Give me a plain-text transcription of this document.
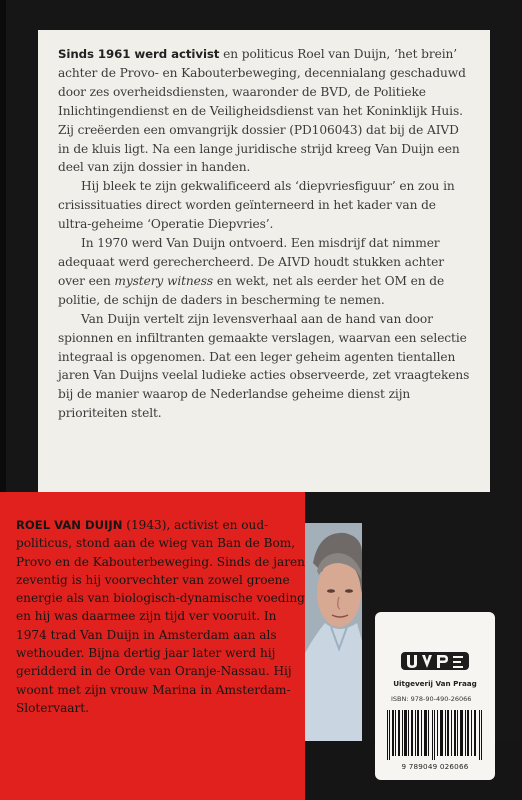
Sinds 1961 werd activist en politicus Roel van Duijn, ‘het brein’ achter de Provo- en Kabouterbeweging, decennialang geschaduwd door zes overheidsdiensten, waaronder de BVD, de Politieke Inlichtingendienst en de Veiligheidsdienst van het Koninklijk Huis. Zij creëerden een omvangrijk dossier (PD106043) dat bij de AIVD in de kluis ligt. Na een lange juridische strijd kreeg Van Duijn een deel van zijn dossier in handen.

Hij bleek te zijn gekwalificeerd als ‘diepvriesfiguur’ en zou in crisissituaties direct worden geïnterneerd in het kader van de ultra-geheime ‘Operatie Diepvries’.

In 1970 werd Van Duijn ontvoerd. Een misdrijf dat nimmer adequaat werd gerechercheerd. De AIVD houdt stukken achter over een mystery witness en wekt, net als eerder het OM en de politie, de schijn de daders in bescherming te nemen.

Van Duijn vertelt zijn levensverhaal aan de hand van door spionnen en infiltranten gemaakte verslagen, waarvan een selectie integraal is opgenomen. Dat een leger geheim agenten tientallen jaren Van Duijns veelal ludieke acties observeerde, zet vraagtekens bij de manier waarop de Nederlandse geheime dienst zijn prioriteiten stelt.

ROEL VAN DUIJN (1943), activist en oud-politicus, stond aan de wieg van Ban de Bom, Provo en de Kabouterbeweging. Sinds de jaren zeventig is hij voorvechter van zowel groene energie als van biologisch-dynamische voeding en hij was daarmee zijn tijd ver vooruit. In 1974 trad Van Duijn in Amsterdam aan als wethouder. Bijna dertig jaar later werd hij geridderd in de Orde van Oranje-Nassau. Hij woont met zijn vrouw Marina in Amsterdam-Slotervaart.

Uitgeverij Van Praag
ISBN: 978-90-490-26066
9 789049 026066
